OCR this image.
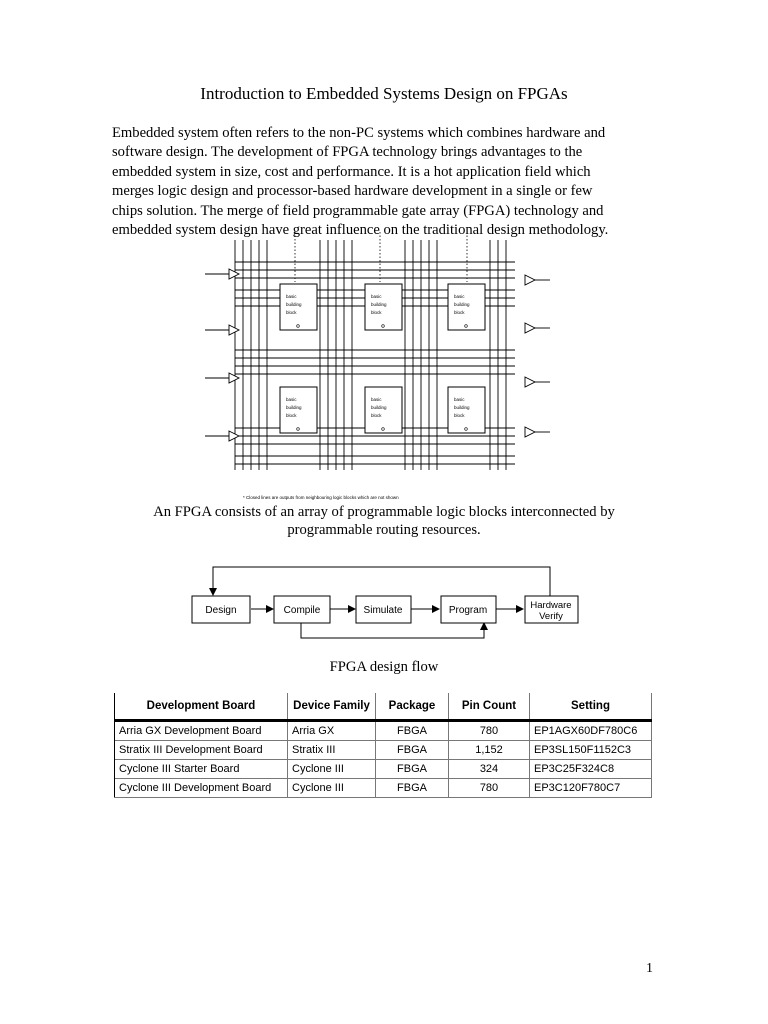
Introduction to Embedded Systems Design on FPGAs
Embedded system often refers to the non-PC systems which combines hardware and
software design. The development of FPGA technology brings advantages to the
embedded system in size, cost and performance. It is a hot application field which
merges logic design and processor-based hardware development in a single or few
chips solution. The merge of field programmable gate array (FPGA) technology and
embedded system design have great influence on the traditional design methodology.
basic
building
block
basic
building
block
basic
building
block
basic
building
block
basic
building
block
basic
building
block
* Closed lines are outputs from neighbouring logic blocks which are not shown
An FPGA consists of an array of programmable logic blocks interconnected by
programmable routing resources.
Design	Compile	Simulate	Program	Hardware
Verify
FPGA design flow
Development Board	Device Family	Package	Pin Count	Setting
Arria GX Development Board	Arria GX	FBGA	780	EP1AGX60DF780C6
Stratix III Development Board	Stratix III	FBGA	1,152	EP3SL150F1152C3
Cyclone III Starter Board	Cyclone III	FBGA	324	EP3C25F324C8
Cyclone III Development Board	Cyclone III	FBGA	780	EP3C120F780C7
1
